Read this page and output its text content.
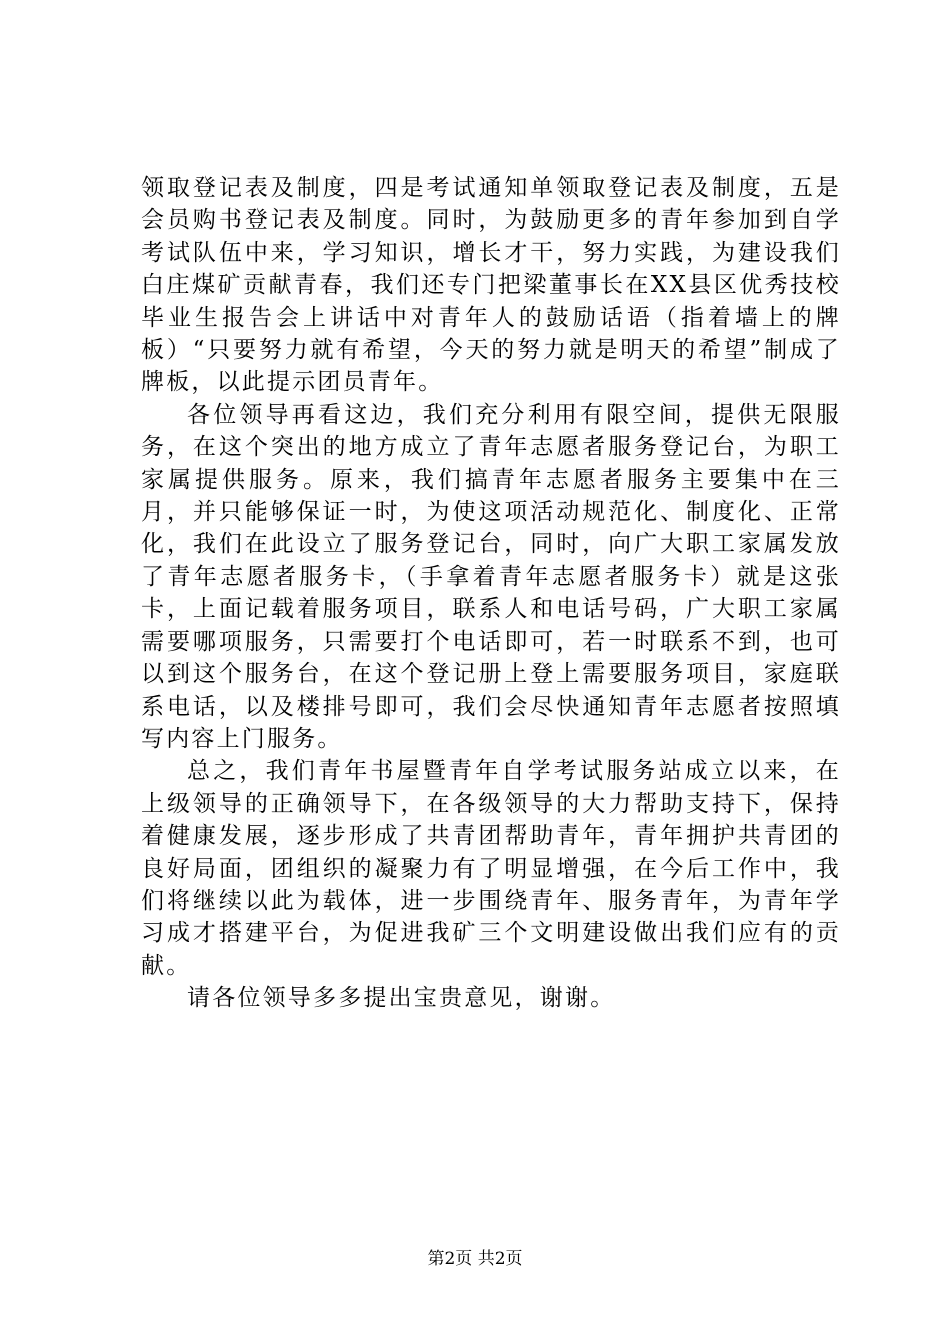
领取登记表及制度，四是考试通知单领取登记表及制度，五是会员购书登记表及制度。同时，为鼓励更多的青年参加到自学考试队伍中来，学习知识，增长才干，努力实践，为建设我们白庄煤矿贡献青春，我们还专门把梁董事长在XX县区优秀技校毕业生报告会上讲话中对青年人的鼓励话语（指着墙上的牌板）“只要努力就有希望，今天的努力就是明天的希望”制成了牌板，以此提示团员青年。

各位领导再看这边，我们充分利用有限空间，提供无限服务，在这个突出的地方成立了青年志愿者服务登记台，为职工家属提供服务。原来，我们搞青年志愿者服务主要集中在三月，并只能够保证一时，为使这项活动规范化、制度化、正常化，我们在此设立了服务登记台，同时，向广大职工家属发放了青年志愿者服务卡，（手拿着青年志愿者服务卡）就是这张卡，上面记载着服务项目，联系人和电话号码，广大职工家属需要哪项服务，只需要打个电话即可，若一时联系不到，也可以到这个服务台，在这个登记册上登上需要服务项目，家庭联系电话，以及楼排号即可，我们会尽快通知青年志愿者按照填写内容上门服务。

总之，我们青年书屋暨青年自学考试服务站成立以来，在上级领导的正确领导下，在各级领导的大力帮助支持下，保持着健康发展，逐步形成了共青团帮助青年，青年拥护共青团的良好局面，团组织的凝聚力有了明显增强，在今后工作中，我们将继续以此为载体，进一步围绕青年、服务青年，为青年学习成才搭建平台，为促进我矿三个文明建设做出我们应有的贡献。

请各位领导多多提出宝贵意见，谢谢。

第2页 共2页
